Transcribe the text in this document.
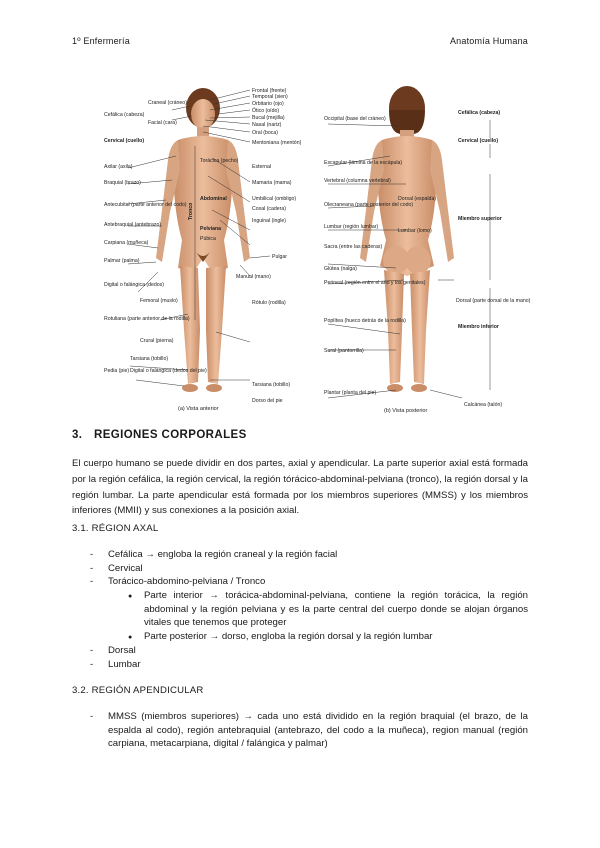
1º Enfermería	Anatomía Humana
Frontal (frente)
Temporal (sien)
Orbitario (ojo)
Ótico (oído)
Bucal (mejilla)
Nasal (nariz)
Oral (boca)
Mentoniana (mentón)
Torácica (pecho)
Esternal
Mamaria (mama)
Umbilical (ombligo)
Coxal (cadera)
Inguinal (ingle)
Púbica
Manual (mano)
Pulgar
Rótulo (rodilla)
Tarsiana (tobillo)
Dorso del pie
Craneal (cráneo)
Facial (cara)
Cefálica (cabeza)
Cervical (cuello)
Axilar (axila)
Braquial (brazo)
Antecubital (parte anterior del codo)
Antebraquial (antebrazo)
Carpiana (muñeca)
Palmar (palma)
Digital o falángica (dedos)
Femoral (muslo)
Rotuliana (parte anterior de la rodilla)
Crural (pierna)
Tarsiana (tobillo)
Digital o falángica (dedos del pie)
Pedia (pie)
Tronco
Abdominal
Pelviana
(a) Vista anterior
Occipital (base del cráneo)
Escapular (lámina de la escápula)
Vertebral (columna vertebral)
Olecraneana (parte posterior del codo)
Dorsal (espalda)
Lumbar (región lumbar)
Sacra (entre las caderas)
Glútea (nalga)
Perineal (región entre el ano y los genitales)
Poplítea (hueco detrás de la rodilla)
Sural (pantorrilla)
Plantar (planta del pie)
Lumbar (lomo)
Cefálica (cabeza)
Cervical (cuello)
Miembro superior
Dorsal (parte dorsal de la mano)
Miembro inferior
Calcánea (talón)
(b) Vista posterior
3. REGIONES CORPORALES
El cuerpo humano se puede dividir en dos partes, axial y apendicular. La parte superior axial está formada por la región cefálica, la región cervical, la región tórácico-abdominal-pelviana (tronco), la región dorsal y la región lumbar. La parte apendicular está formada por los miembros superiores (MMSS) y los miembros inferiores (MMII) y sus conexiones a la posición axial.
3.1. RÉGION AXAL
- Cefálica → engloba la región craneal y la región facial
- Cervical
- Torácico-abdomino-pelviana / Tronco
● Parte interior → torácica-abdominal-pelviana, contiene la región torácica, la región abdominal y la región pelviana y es la parte central del cuerpo donde se alojan órganos vitales que tenemos que proteger
● Parte posterior → dorso, engloba la región dorsal y la región lumbar
- Dorsal
- Lumbar
3.2. REGIÓN APENDICULAR
- MMSS (miembros superiores) → cada uno está dividido en la región braquial (el brazo, de la espalda al codo), región antebraquial (antebrazo, del codo a la muñeca), region manual (región carpiana, metacarpiana, digital / falángica y palmar)
